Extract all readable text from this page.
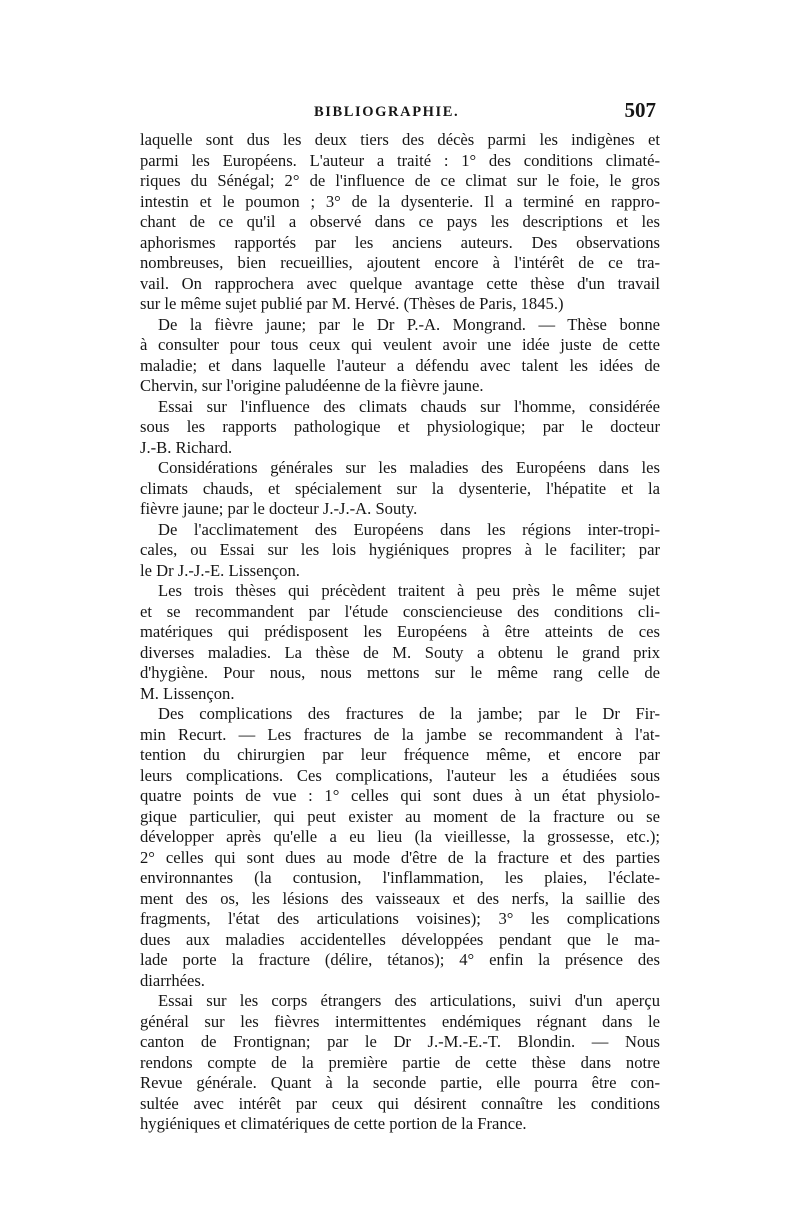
BIBLIOGRAPHIE.	507
laquelle sont dus les deux tiers des décès parmi les indigènes et
parmi les Européens. L'auteur a traité : 1° des conditions climaté-
riques du Sénégal; 2° de l'influence de ce climat sur le foie, le gros
intestin et le poumon ; 3° de la dysenterie. Il a terminé en rappro-
chant de ce qu'il a observé dans ce pays les descriptions et les
aphorismes rapportés par les anciens auteurs. Des observations
nombreuses, bien recueillies, ajoutent encore à l'intérêt de ce tra-
vail. On rapprochera avec quelque avantage cette thèse d'un travail
sur le même sujet publié par M. Hervé. (Thèses de Paris, 1845.)
De la fièvre jaune; par le Dr P.-A. Mongrand. — Thèse bonne
à consulter pour tous ceux qui veulent avoir une idée juste de cette
maladie; et dans laquelle l'auteur a défendu avec talent les idées de
Chervin, sur l'origine paludéenne de la fièvre jaune.
Essai sur l'influence des climats chauds sur l'homme, considérée
sous les rapports pathologique et physiologique; par le docteur
J.-B. Richard.
Considérations générales sur les maladies des Européens dans les
climats chauds, et spécialement sur la dysenterie, l'hépatite et la
fièvre jaune; par le docteur J.-J.-A. Souty.
De l'acclimatement des Européens dans les régions inter-tropi-
cales, ou Essai sur les lois hygiéniques propres à le faciliter; par
le Dr J.-J.-E. Lissençon.
Les trois thèses qui précèdent traitent à peu près le même sujet
et se recommandent par l'étude consciencieuse des conditions cli-
matériques qui prédisposent les Européens à être atteints de ces
diverses maladies. La thèse de M. Souty a obtenu le grand prix
d'hygiène. Pour nous, nous mettons sur le même rang celle de
M. Lissençon.
Des complications des fractures de la jambe; par le Dr Fir-
min Recurt. — Les fractures de la jambe se recommandent à l'at-
tention du chirurgien par leur fréquence même, et encore par
leurs complications. Ces complications, l'auteur les a étudiées sous
quatre points de vue : 1° celles qui sont dues à un état physiolo-
gique particulier, qui peut exister au moment de la fracture ou se
développer après qu'elle a eu lieu (la vieillesse, la grossesse, etc.);
2° celles qui sont dues au mode d'être de la fracture et des parties
environnantes (la contusion, l'inflammation, les plaies, l'éclate-
ment des os, les lésions des vaisseaux et des nerfs, la saillie des
fragments, l'état des articulations voisines); 3° les complications
dues aux maladies accidentelles développées pendant que le ma-
lade porte la fracture (délire, tétanos); 4° enfin la présence des
diarrhées.
Essai sur les corps étrangers des articulations, suivi d'un aperçu
général sur les fièvres intermittentes endémiques régnant dans le
canton de Frontignan; par le Dr J.-M.-E.-T. Blondin. — Nous
rendons compte de la première partie de cette thèse dans notre
Revue générale. Quant à la seconde partie, elle pourra être con-
sultée avec intérêt par ceux qui désirent connaître les conditions
hygiéniques et climatériques de cette portion de la France.
